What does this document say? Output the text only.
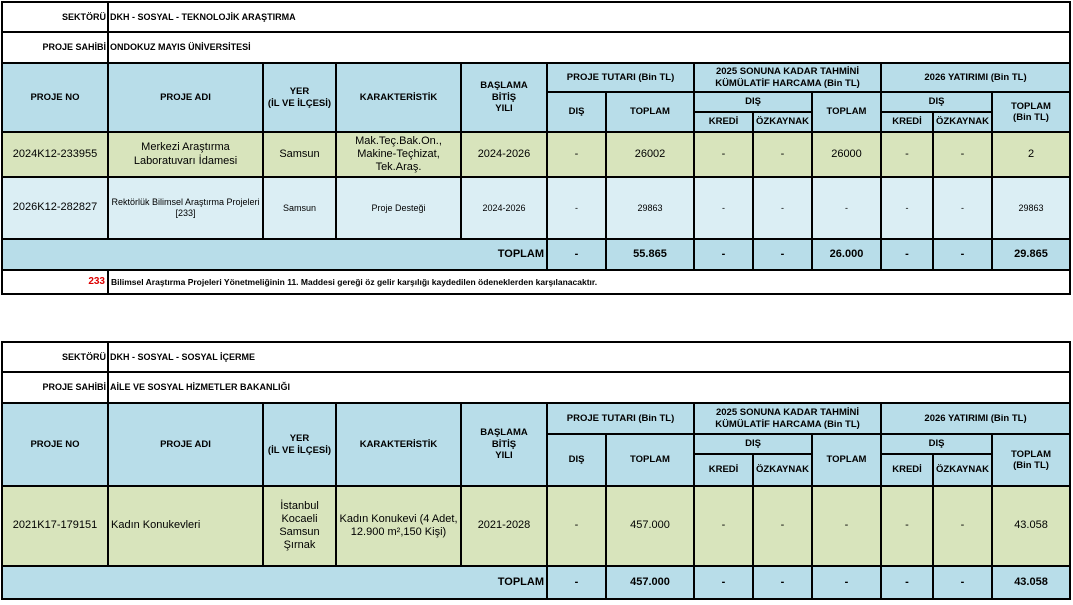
SEKTÖRÜ	DKH - SOSYAL - TEKNOLOJİK ARAŞTIRMA											
PROJE SAHİBİ	ONDOKUZ MAYIS ÜNİVERSİTESİ											
PROJE NO	PROJE ADI	YER
(İL VE İLÇESİ)	KARAKTERİSTİK	BAŞLAMA
BİTİŞ
YILI	PROJE TUTARI (Bin TL)		2025 SONUNA KADAR TAHMİNİ
KÜMÜLATİF HARCAMA (Bin TL)			2026 YATIRIMI (Bin TL)		
					DIŞ	TOPLAM	DIŞ		TOPLAM	DIŞ		TOPLAM
(Bin TL)
							KREDİ	ÖZKAYNAK		KREDİ	ÖZKAYNAK	
2024K12-233955	Merkezi Araştırma Laboratuvarı İdamesi	Samsun	Mak.Teç.Bak.On., Makine-Teçhizat, Tek.Araş.	2024-2026	-	26002	-	-	26000	-	-	2
2026K12-282827	Rektörlük Bilimsel Araştırma Projeleri [233]	Samsun	Proje Desteği	2024-2026	-	29863	-	-	-	-	-	29863
TOPLAM					-	55.865	-	-	26.000	-	-	29.865
233	Bilimsel Araştırma Projeleri Yönetmeliğinin 11. Maddesi gereği öz gelir karşılığı kaydedilen ödeneklerden karşılanacaktır.											
SEKTÖRÜ	DKH - SOSYAL - SOSYAL İÇERME											
PROJE SAHİBİ	AİLE VE SOSYAL HİZMETLER BAKANLIĞI											
PROJE NO	PROJE ADI	YER
(İL VE İLÇESİ)	KARAKTERİSTİK	BAŞLAMA
BİTİŞ
YILI	PROJE TUTARI (Bin TL)		2025 SONUNA KADAR TAHMİNİ
KÜMÜLATİF HARCAMA (Bin TL)			2026 YATIRIMI (Bin TL)		
					DIŞ	TOPLAM	DIŞ		TOPLAM	DIŞ		TOPLAM
(Bin TL)
							KREDİ	ÖZKAYNAK		KREDİ	ÖZKAYNAK	
2021K17-179151	Kadın Konukevleri	İstanbul
Kocaeli
Samsun
Şırnak	Kadın Konukevi (4 Adet, 12.900 m²,150 Kişi)	2021-2028	-	457.000	-	-	-	-	-	43.058
TOPLAM					-	457.000	-	-	-	-	-	43.058
